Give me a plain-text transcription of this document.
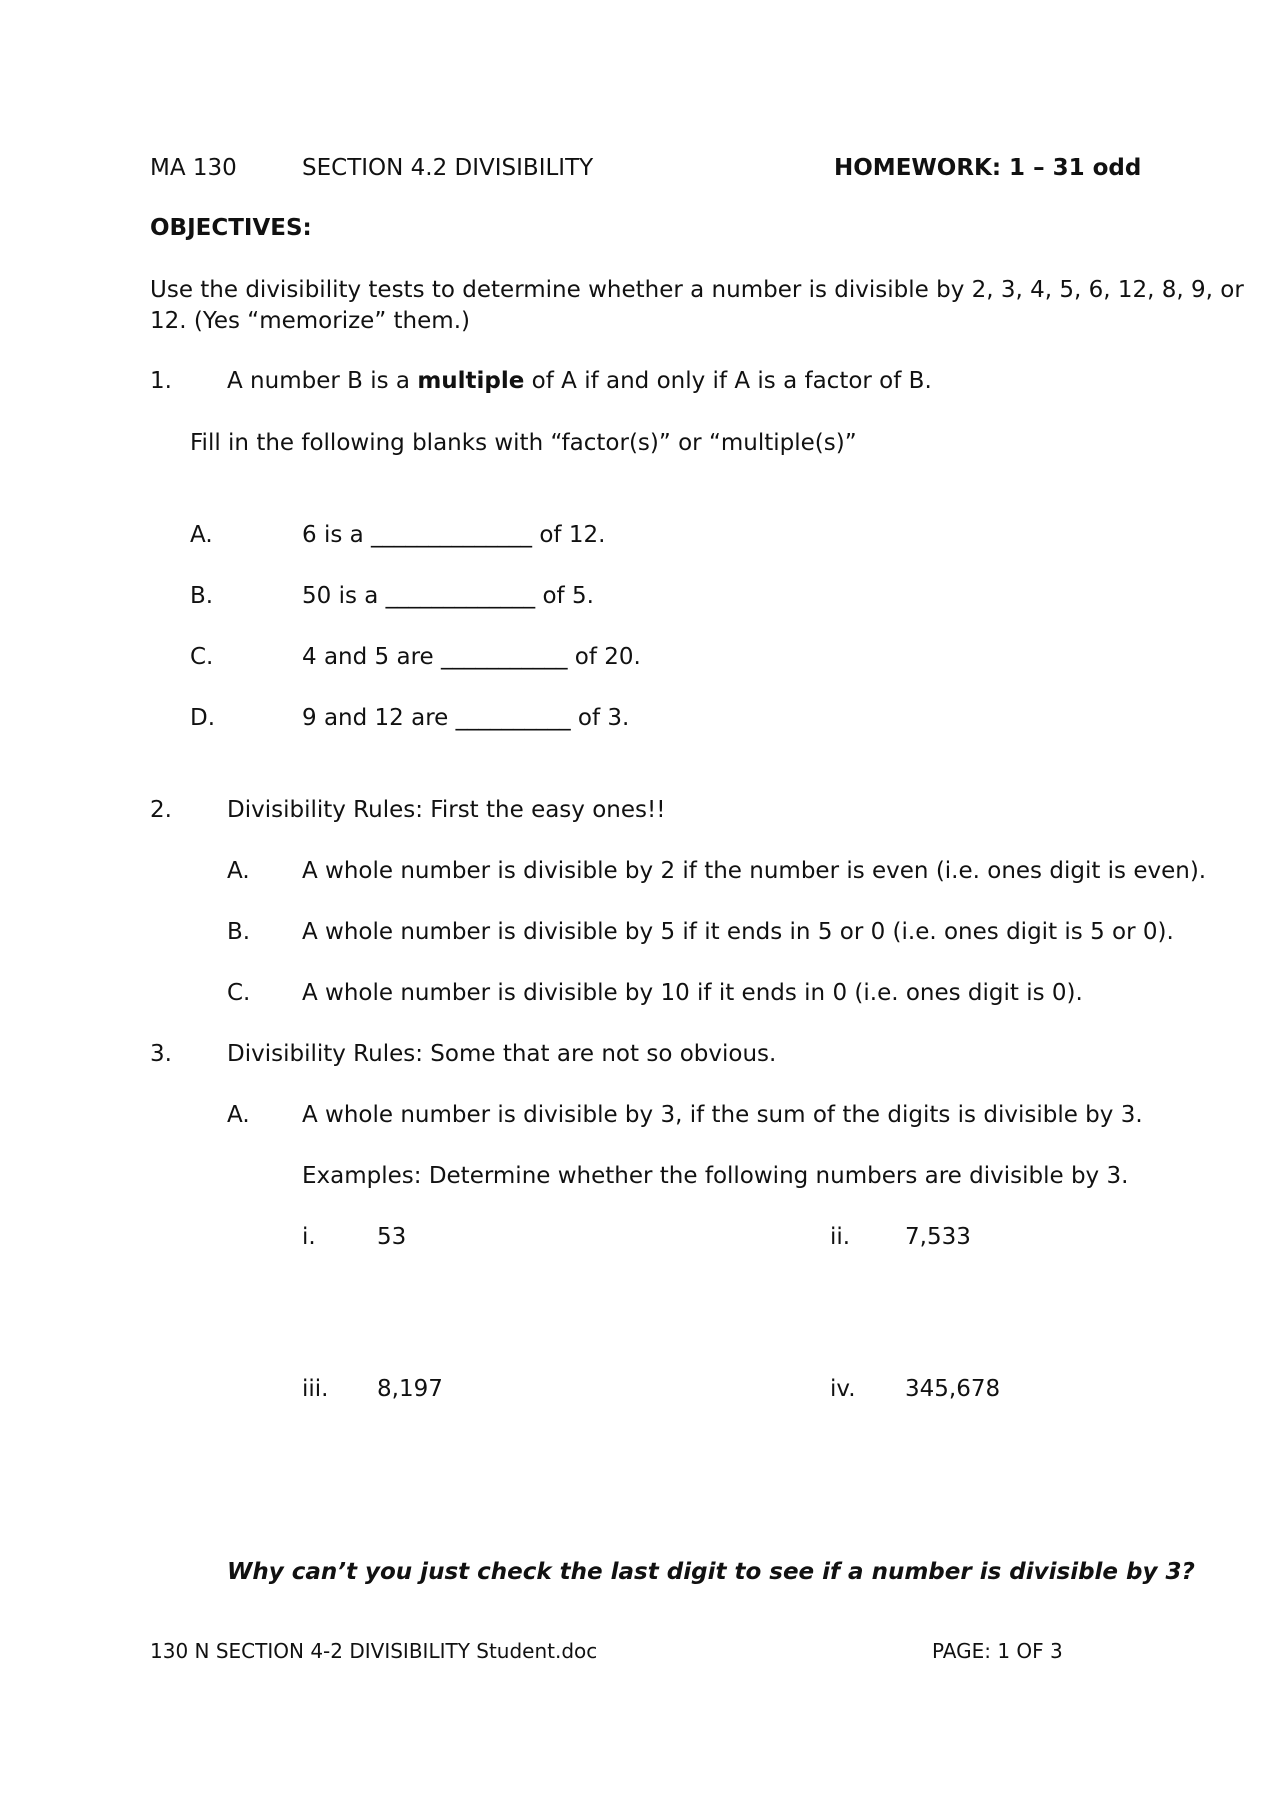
MA 130	SECTION 4.2 DIVISIBILITY	HOMEWORK: 1 – 31 odd
OBJECTIVES:
Use the divisibility tests to determine whether a number is divisible by 2, 3, 4, 5, 6, 12, 8, 9, or
12. (Yes “memorize” them.)
1. A number B is a multiple of A if and only if A is a factor of B.
Fill in the following blanks with “factor(s)” or “multiple(s)”
A.	6 is a ______________ of 12.
B.	50 is a _____________ of 5.
C.	4 and 5 are ___________ of 20.
D.	9 and 12 are __________ of 3.
2. Divisibility Rules: First the easy ones!!
A. A whole number is divisible by 2 if the number is even (i.e. ones digit is even).
B. A whole number is divisible by 5 if it ends in 5 or 0 (i.e. ones digit is 5 or 0).
C. A whole number is divisible by 10 if it ends in 0 (i.e. ones digit is 0).
3. Divisibility Rules: Some that are not so obvious.
A. A whole number is divisible by 3, if the sum of the digits is divisible by 3.
Examples: Determine whether the following numbers are divisible by 3.
i.	53	ii. 7,533
iii. 8,197	iv. 345,678
Why can’t you just check the last digit to see if a number is divisible by 3?
130 N SECTION 4-2 DIVISIBILITY Student.doc	PAGE: 1 OF 3
